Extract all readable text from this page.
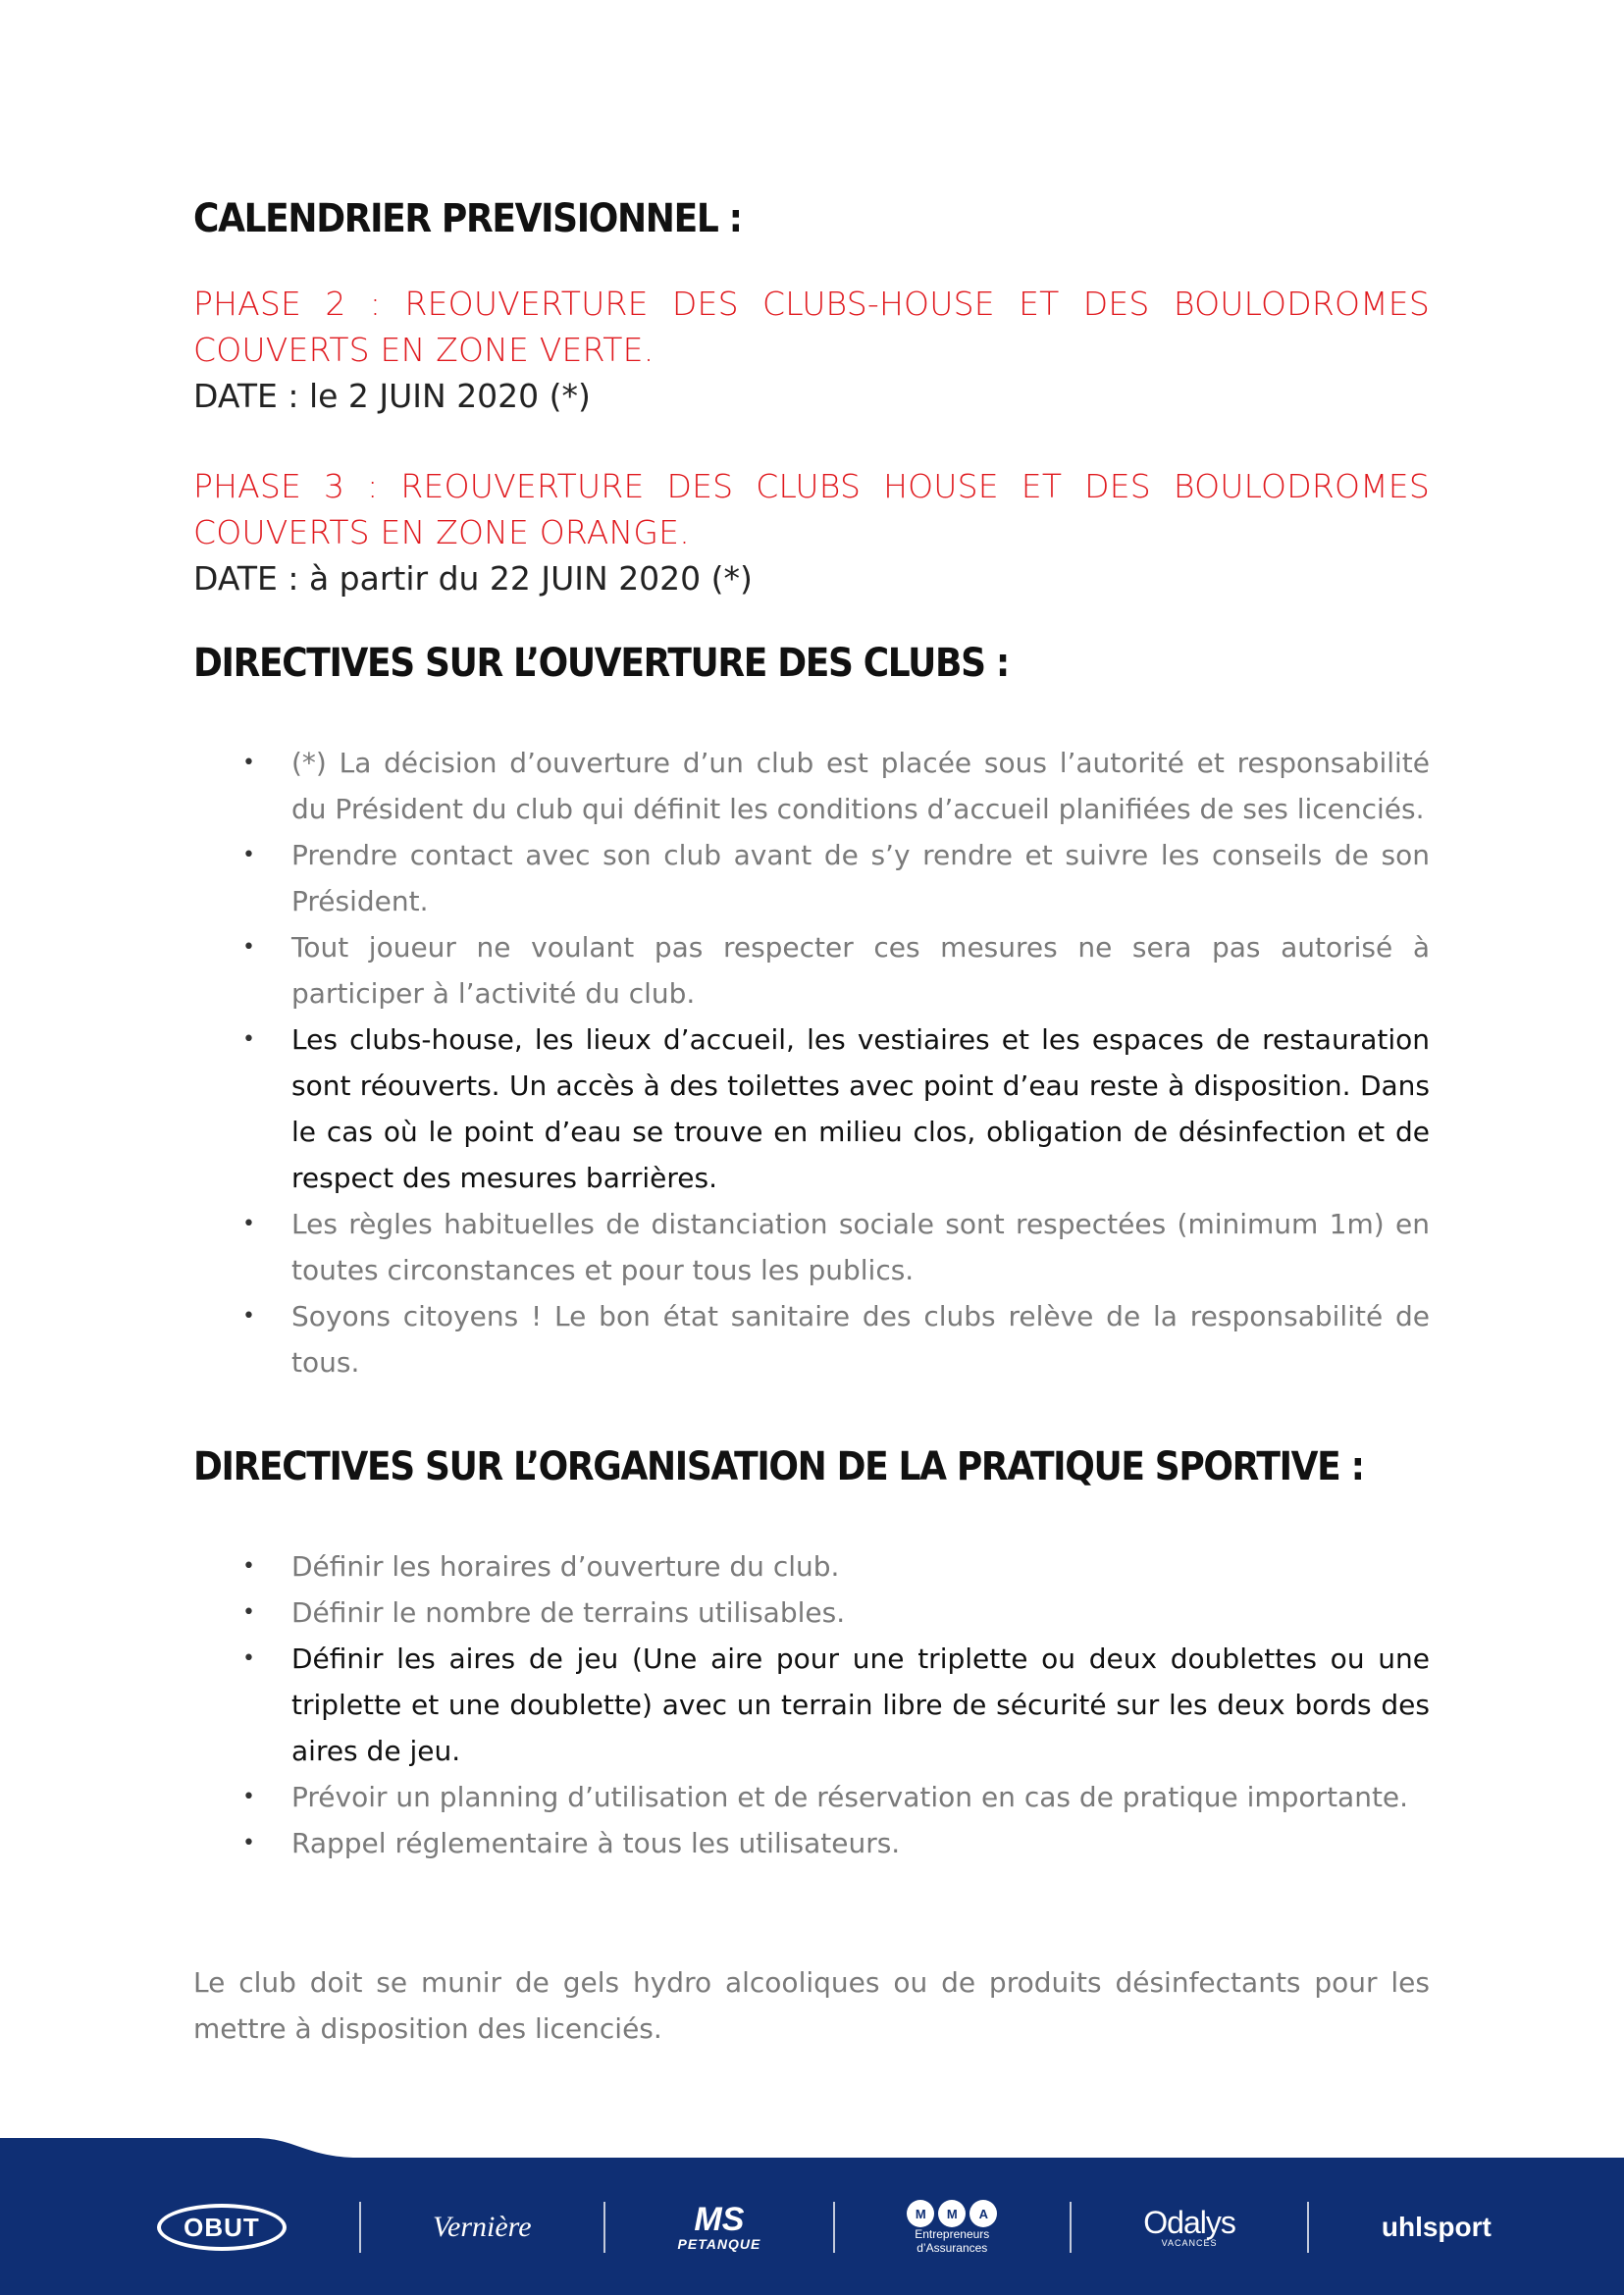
CALENDRIER PREVISIONNEL :

PHASE 2 : REOUVERTURE DES CLUBS-HOUSE ET DES BOULODROMES COUVERTS EN ZONE VERTE.

DATE : le 2 JUIN 2020 (*)

PHASE 3 : REOUVERTURE DES CLUBS HOUSE ET DES BOULODROMES COUVERTS EN ZONE ORANGE.

DATE : à partir du 22 JUIN 2020 (*)

DIRECTIVES SUR L’OUVERTURE DES CLUBS :
• (*) La décision d’ouverture d’un club est placée sous l’autorité et responsabilité du Président du club qui définit les conditions d’accueil planifiées de ses licenciés.
• Prendre contact avec son club avant de s’y rendre et suivre les conseils de son Président.
• Tout joueur ne voulant pas respecter ces mesures ne sera pas autorisé à participer à l’activité du club.
• Les clubs-house, les lieux d’accueil, les vestiaires et les espaces de restauration sont réouverts. Un accès à des toilettes avec point d’eau reste à disposition. Dans le cas où le point d’eau se trouve en milieu clos, obligation de désinfection et de respect des mesures barrières.
• Les règles habituelles de distanciation sociale sont respectées (minimum 1m) en toutes circonstances et pour tous les publics.
• Soyons citoyens ! Le bon état sanitaire des clubs relève de la responsabilité de tous.
DIRECTIVES SUR L’ORGANISATION DE LA PRATIQUE SPORTIVE :
• Définir les horaires d’ouverture du club.
• Définir le nombre de terrains utilisables.
• Définir les aires de jeu (Une aire pour une triplette ou deux doublettes ou une triplette et une doublette) avec un terrain libre de sécurité sur les deux bords des aires de jeu.
• Prévoir un planning d’utilisation et de réservation en cas de pratique importante.
• Rappel réglementaire à tous les utilisateurs.

Le club doit se munir de gels hydro alcooliques ou de produits désinfectants pour les mettre à disposition des licenciés.

OBUT	Vernière	MS
PETANQUE
M	M	A
Entrepreneurs
d’Assurances
Odalys
VACANCES
uhlsport
